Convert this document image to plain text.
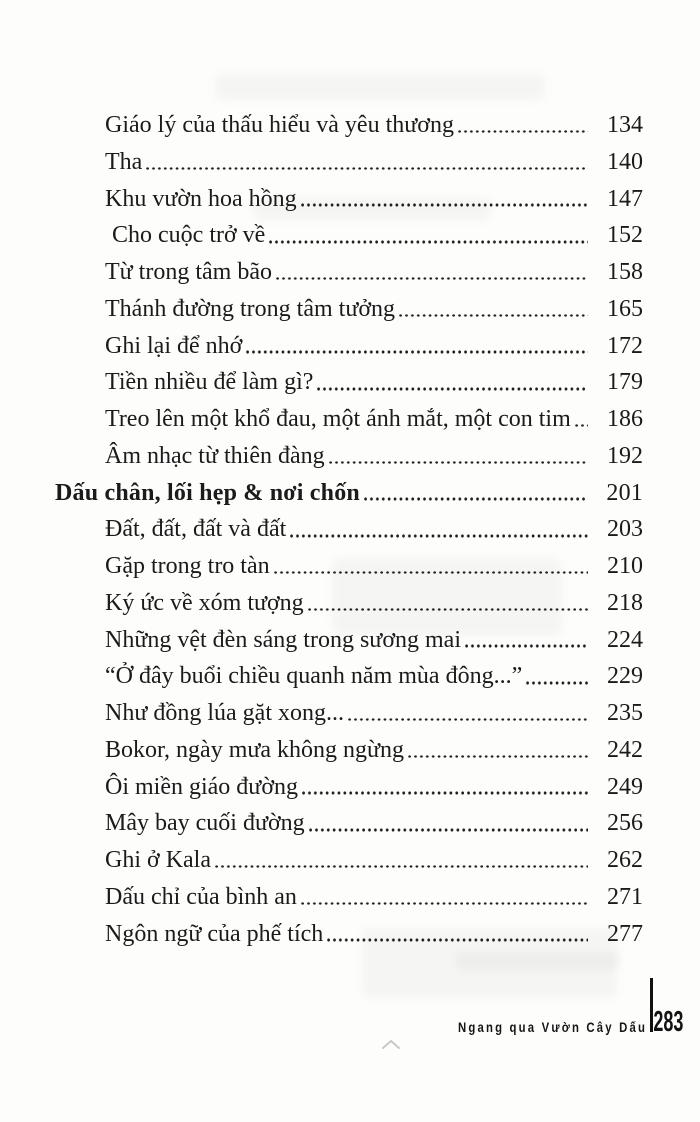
Giáo lý của thấu hiểu và yêu thương	134
Tha	140
Khu vườn hoa hồng	147
Cho cuộc trở về	152
Từ trong tâm bão	158
Thánh đường trong tâm tưởng	165
Ghi lại để nhớ	172
Tiền nhiều để làm gì?	179
Treo lên một khổ đau, một ánh mắt, một con tim	186
Âm nhạc từ thiên đàng	192
Dấu chân, lối hẹp & nơi chốn	201
Đất, đất, đất và đất	203
Gặp trong tro tàn	210
Ký ức về xóm tượng	218
Những vệt đèn sáng trong sương mai	224
“Ở đây buổi chiều quanh năm mùa đông...”	229
Như đồng lúa gặt xong...	235
Bokor, ngày mưa không ngừng	242
Ôi miền giáo đường	249
Mây bay cuối đường	256
Ghi ở Kala	262
Dấu chỉ của bình an	271
Ngôn ngữ của phế tích	277
Ngang qua Vườn Cây Dấu 283
